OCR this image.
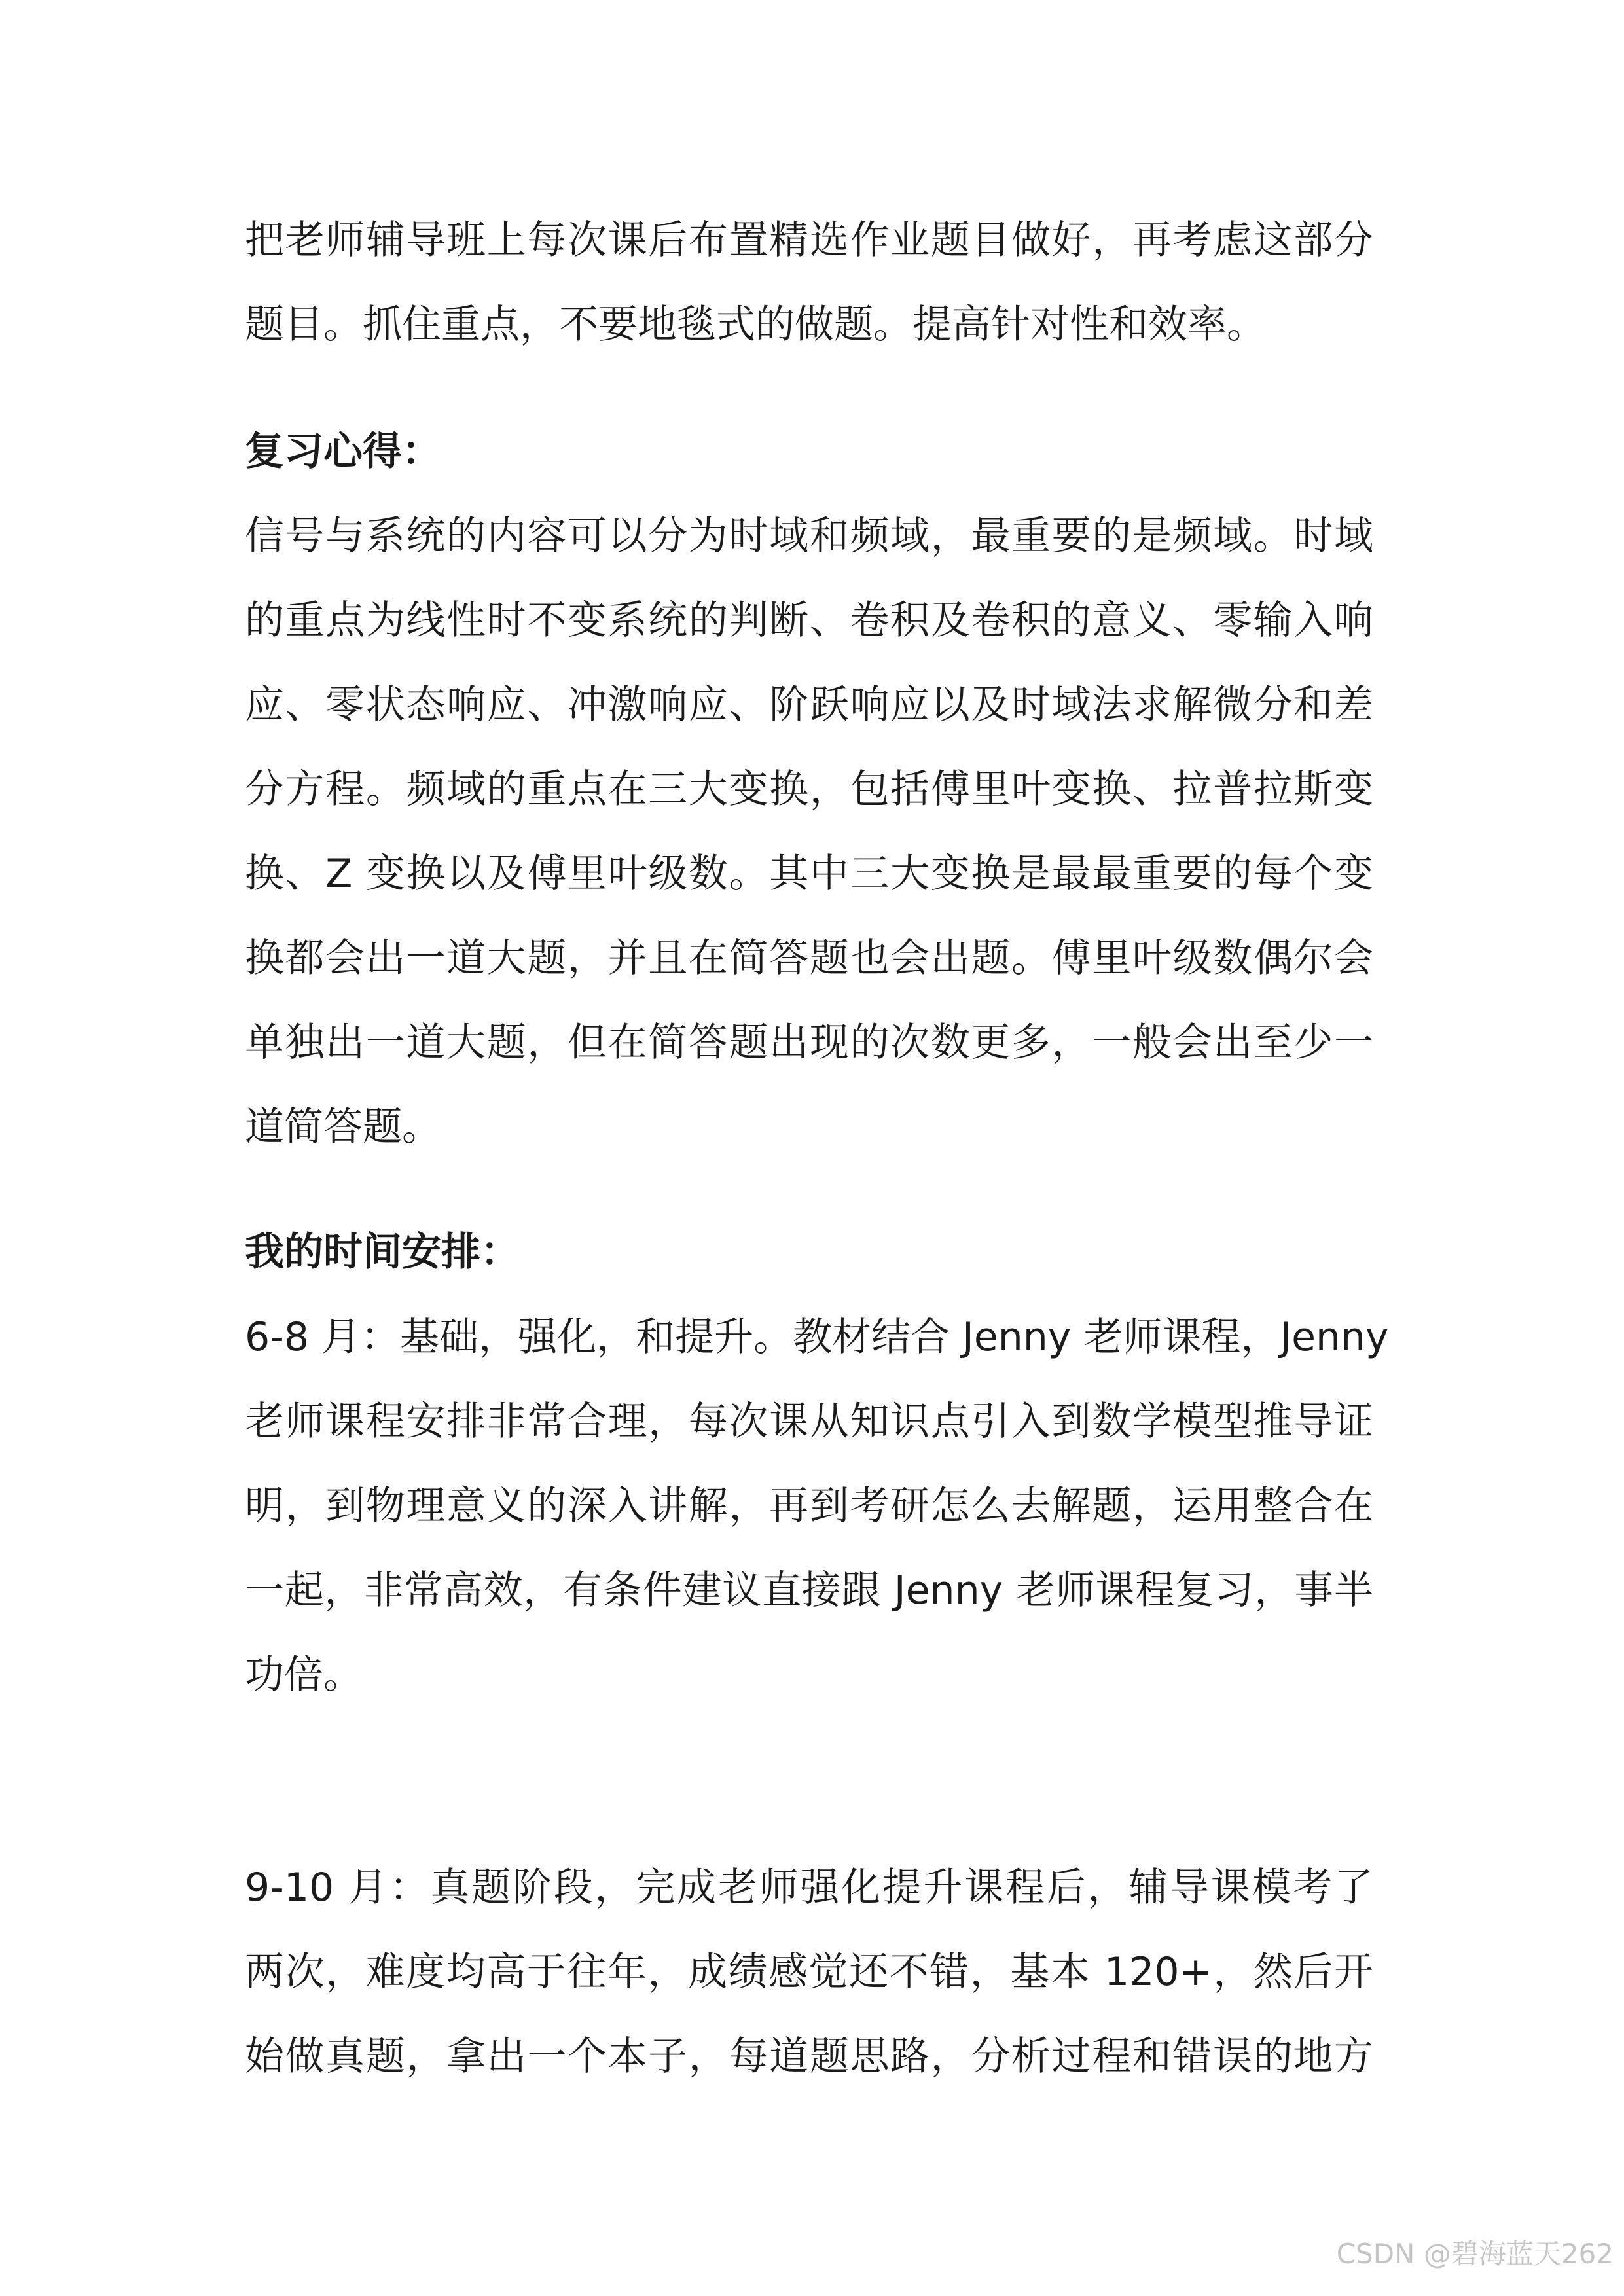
把老师辅导班上每次课后布置精选作业题目做好，再考虑这部分
题目。抓住重点，不要地毯式的做题。提高针对性和效率。
复习心得：
信号与系统的内容可以分为时域和频域，最重要的是频域。时域
的重点为线性时不变系统的判断、卷积及卷积的意义、零输入响
应、零状态响应、冲激响应、阶跃响应以及时域法求解微分和差
分方程。频域的重点在三大变换，包括傅里叶变换、拉普拉斯变
换、Z 变换以及傅里叶级数。其中三大变换是最最重要的每个变
换都会出一道大题，并且在简答题也会出题。傅里叶级数偶尔会
单独出一道大题，但在简答题出现的次数更多，一般会出至少一
道简答题。
我的时间安排：
6-8 月：基础，强化，和提升。教材结合 Jenny 老师课程，Jenny
老师课程安排非常合理，每次课从知识点引入到数学模型推导证
明，到物理意义的深入讲解，再到考研怎么去解题，运用整合在
一起，非常高效，有条件建议直接跟 Jenny 老师课程复习，事半
功倍。
9-10 月：真题阶段，完成老师强化提升课程后，辅导课模考了
两次，难度均高于往年，成绩感觉还不错，基本 120+，然后开
始做真题，拿出一个本子，每道题思路，分析过程和错误的地方
CSDN @碧海蓝天262
